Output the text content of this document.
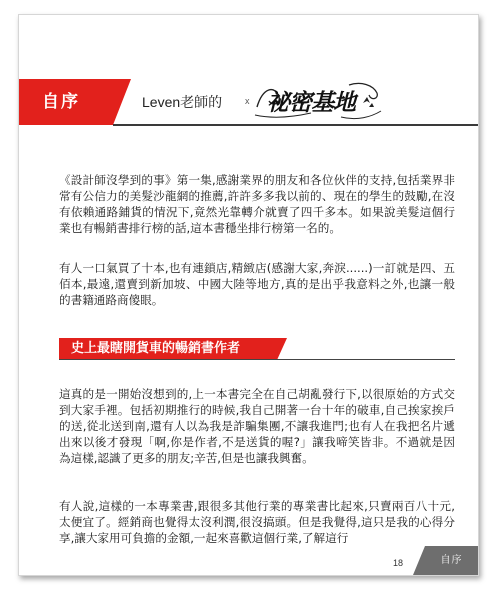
自序	Leven老師的	x 祕密基地

《設計師沒學到的事》第一集,感謝業界的朋友和各位伙伴的支持,包括業界非常有公信力的美髮沙龍網的推薦,許許多多我以前的、現在的學生的鼓勵,在沒有依賴通路鋪貨的情況下,竟然光靠轉介就賣了四千多本。如果說美髮這個行業也有暢銷書排行榜的話,這本書穩坐排行榜第一名的。

有人一口氣買了十本,也有連鎖店,精緻店(感謝大家,奔淚......)一訂就是四、五佰本,最遠,還賣到新加坡、中國大陸等地方,真的是出乎我意料之外,也讓一般的書籍通路商傻眼。

史上最瞎開貨車的暢銷書作者

這真的是一開始沒想到的,上一本書完全在自己胡亂發行下,以很原始的方式交到大家手裡。包括初期推行的時候,我自己開著一台十年的破車,自己挨家挨戶的送,從北送到南,還有人以為我是詐騙集團,不讓我進門;也有人在我把名片遞出來以後才發現「啊,你是作者,不是送貨的喔?」讓我啼笑皆非。不過就是因為這樣,認識了更多的朋友;辛苦,但是也讓我興奮。

有人說,這樣的一本專業書,跟很多其他行業的專業書比起來,只賣兩百八十元,太便宜了。經銷商也覺得太沒利潤,很沒搞頭。但是我覺得,這只是我的心得分享,讓大家用可負擔的金額,一起來喜歡這個行業,了解這行

18	自序
